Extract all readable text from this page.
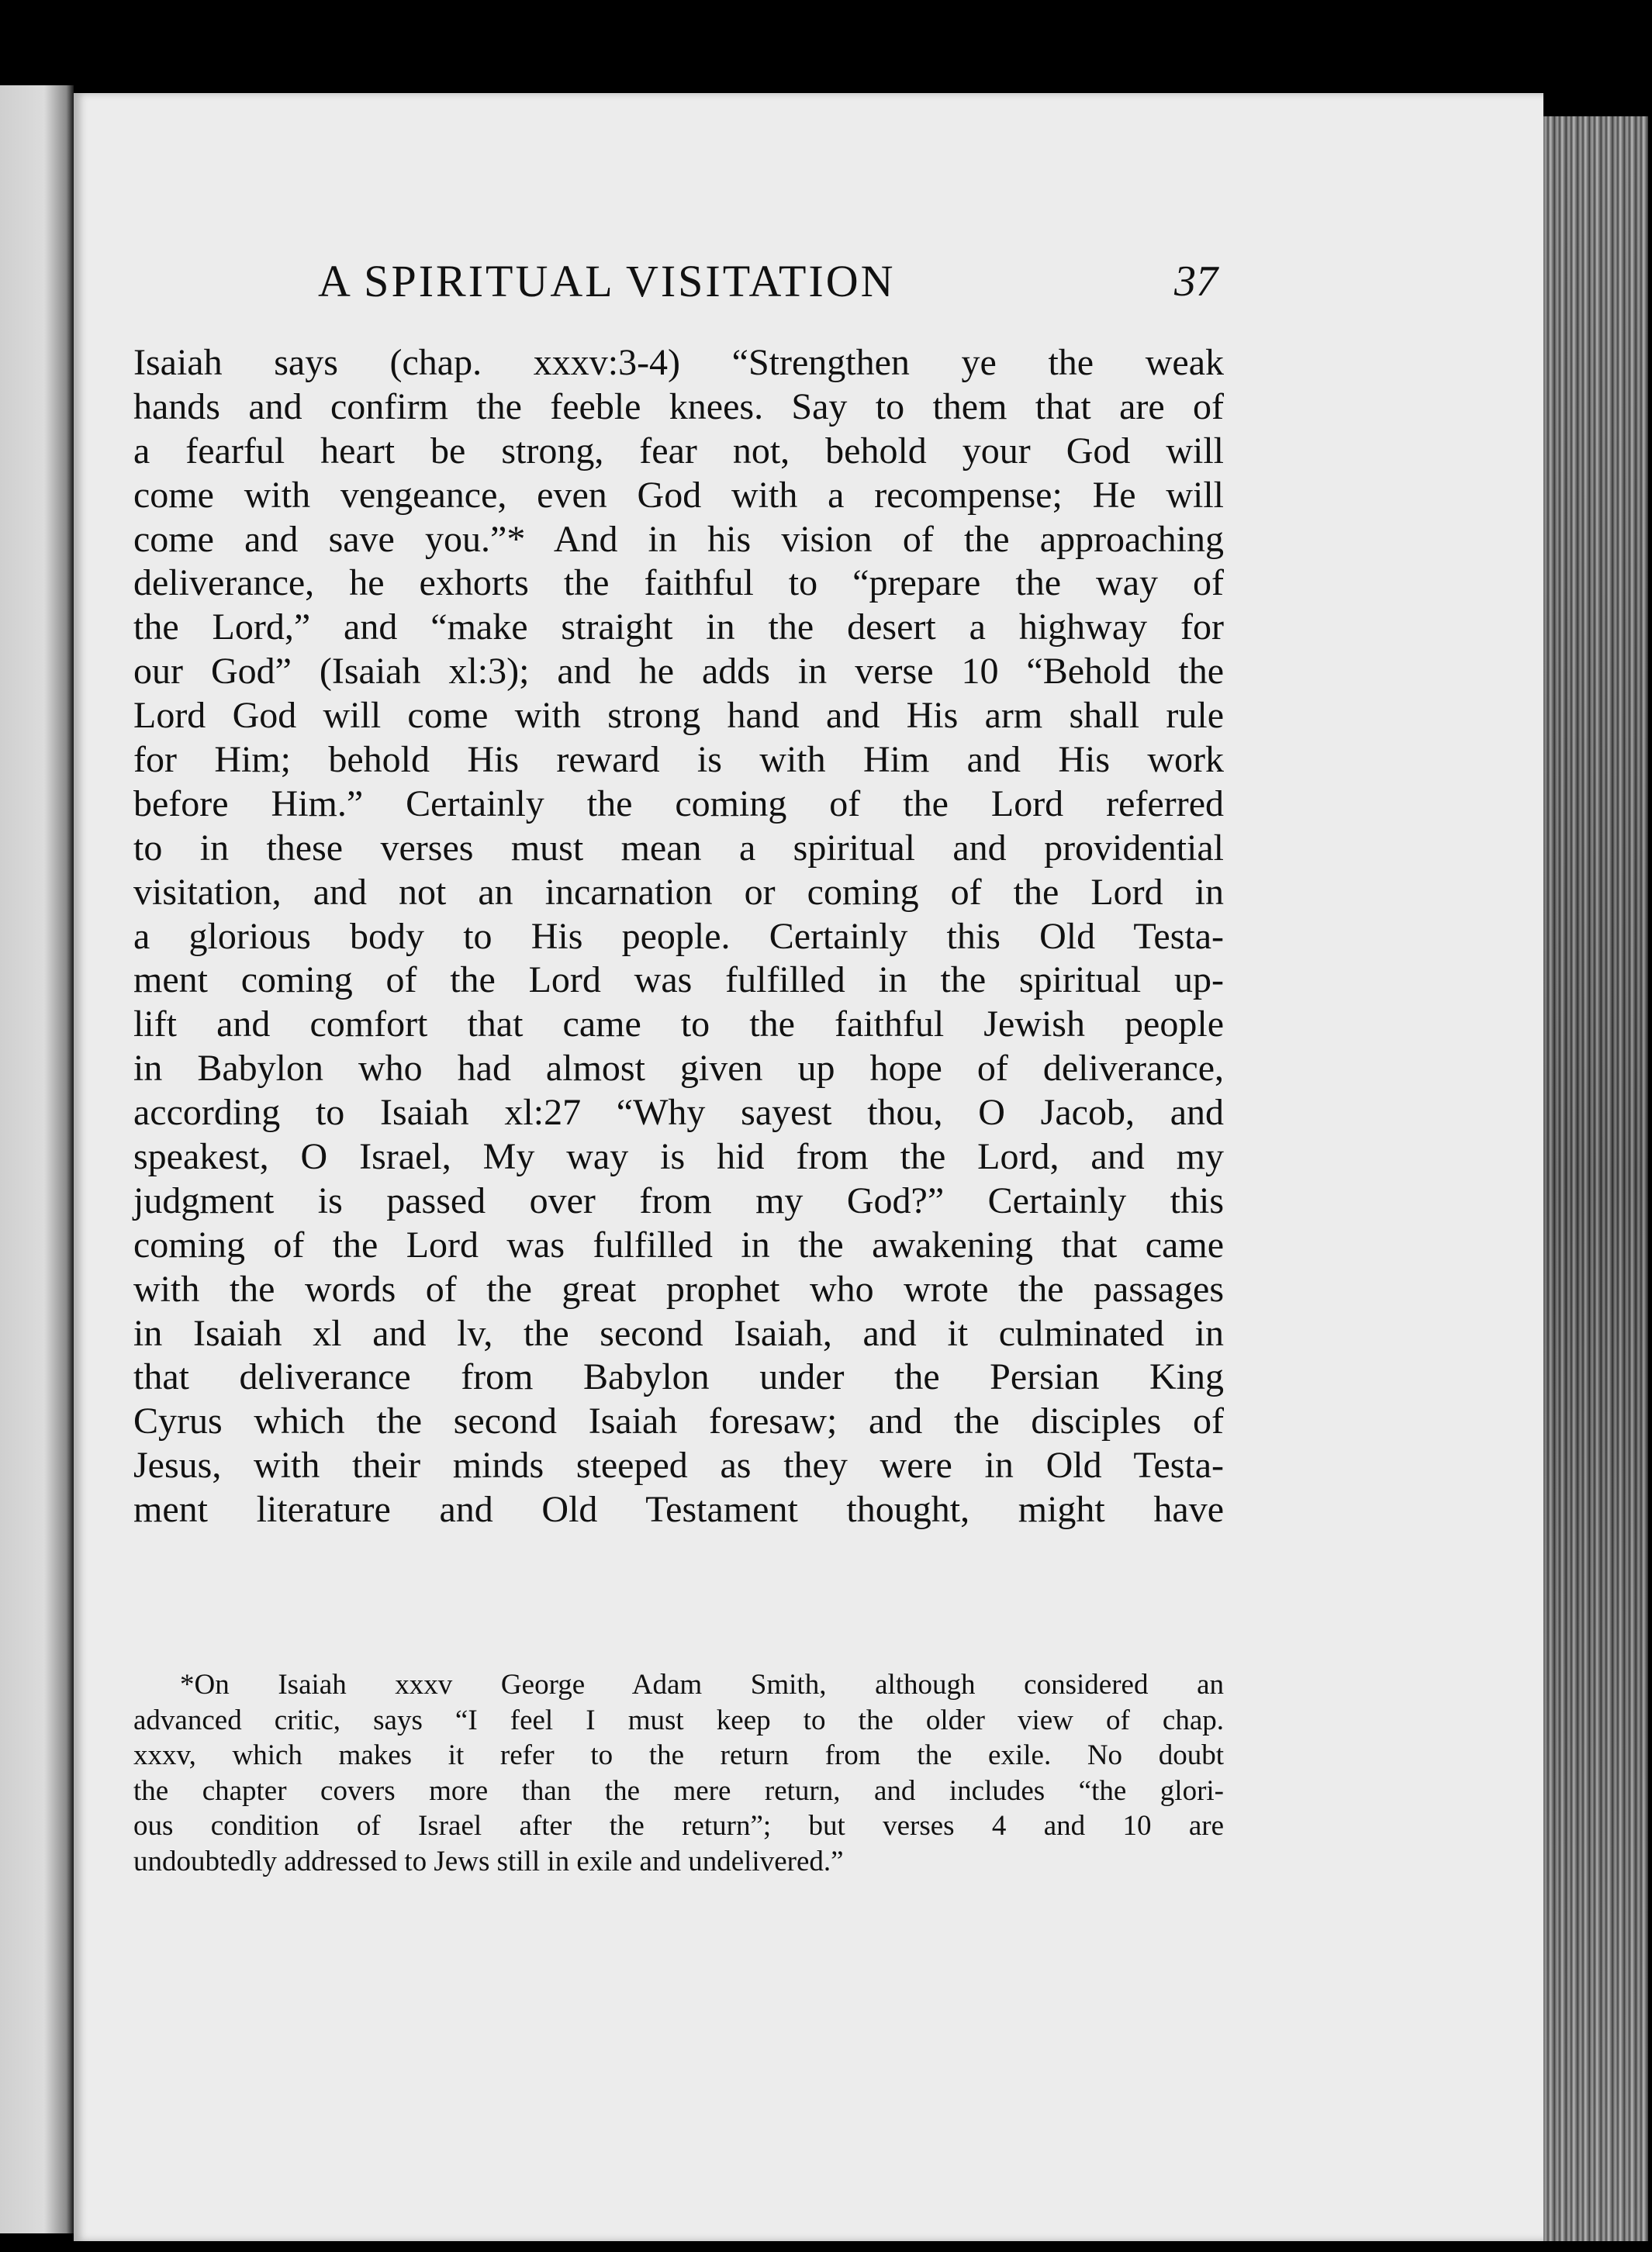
A SPIRITUAL VISITATION	37
Isaiah says (chap. xxxv:3-4) “Strengthen ye the weak
hands and confirm the feeble knees. Say to them that are of
a fearful heart be strong, fear not, behold your God will
come with vengeance, even God with a recompense; He will
come and save you.”* And in his vision of the approaching
deliverance, he exhorts the faithful to “prepare the way of
the Lord,” and “make straight in the desert a highway for
our God” (Isaiah xl:3); and he adds in verse 10 “Behold the
Lord God will come with strong hand and His arm shall rule
for Him; behold His reward is with Him and His work
before Him.” Certainly the coming of the Lord referred
to in these verses must mean a spiritual and providential
visitation, and not an incarnation or coming of the Lord in
a glorious body to His people. Certainly this Old Testa-
ment coming of the Lord was fulfilled in the spiritual up-
lift and comfort that came to the faithful Jewish people
in Babylon who had almost given up hope of deliverance,
according to Isaiah xl:27 “Why sayest thou, O Jacob, and
speakest, O Israel, My way is hid from the Lord, and my
judgment is passed over from my God?” Certainly this
coming of the Lord was fulfilled in the awakening that came
with the words of the great prophet who wrote the passages
in Isaiah xl and lv, the second Isaiah, and it culminated in
that deliverance from Babylon under the Persian King
Cyrus which the second Isaiah foresaw; and the disciples of
Jesus, with their minds steeped as they were in Old Testa-
ment literature and Old Testament thought, might have
*On Isaiah xxxv George Adam Smith, although considered an
advanced critic, says “I feel I must keep to the older view of chap.
xxxv, which makes it refer to the return from the exile. No doubt
the chapter covers more than the mere return, and includes “the glori-
ous condition of Israel after the return”; but verses 4 and 10 are
undoubtedly addressed to Jews still in exile and undelivered.”
